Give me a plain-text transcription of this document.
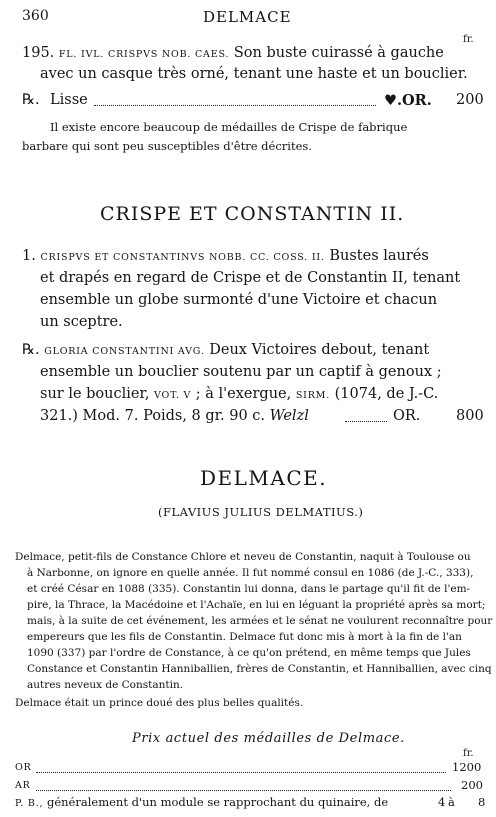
360	DELMACE
fr.
195. FL. IVL. CRISPVS NOB. CAES. Son buste cuirassé à gauche
avec un casque très orné, tenant une haste et un bouclier.
℞. Lisse	♥.OR. 200
Il existe encore beaucoup de médailles de Crispe de fabrique
barbare qui sont peu susceptibles d'être décrites.
CRISPE ET CONSTANTIN II.
1. CRISPVS ET CONSTANTINVS NOBB. CC. COSS. II. Bustes laurés
et drapés en regard de Crispe et de Constantin II, tenant
ensemble un globe surmonté d'une Victoire et chacun
un sceptre.
℞. GLORIA CONSTANTINI AVG. Deux Victoires debout, tenant
ensemble un bouclier soutenu par un captif à genoux ;
sur le bouclier, VOT. V ; à l'exergue, SIRM. (1074, de J.-C.
321.) Mod. 7. Poids, 8 gr. 90 c. Welzl	OR. 800
DELMACE.
(FLAVIUS JULIUS DELMATIUS.)
Delmace, petit-fils de Constance Chlore et neveu de Constantin, naquit à Toulouse ou
à Narbonne, on ignore en quelle année. Il fut nommé consul en 1086 (de J.-C., 333),
et créé César en 1088 (335). Constantin lui donna, dans le partage qu'il fit de l'em-
pire, la Thrace, la Macédoine et l'Achaïe, en lui en léguant la propriété après sa mort;
mais, à la suite de cet événement, les armées et le sénat ne voulurent reconnaître pour
empereurs que les fils de Constantin. Delmace fut donc mis à mort à la fin de l'an
1090 (337) par l'ordre de Constance, à ce qu'on prétend, en même temps que Jules
Constance et Constantin Hanniballien, frères de Constantin, et Hanniballien, avec cinq
autres neveux de Constantin.
Delmace était un prince doué des plus belles qualités.
Prix actuel des médailles de Delmace.
fr.
OR	1200
AR	200
P. B., généralement d'un module se rapprochant du quinaire, de	4 à 8
